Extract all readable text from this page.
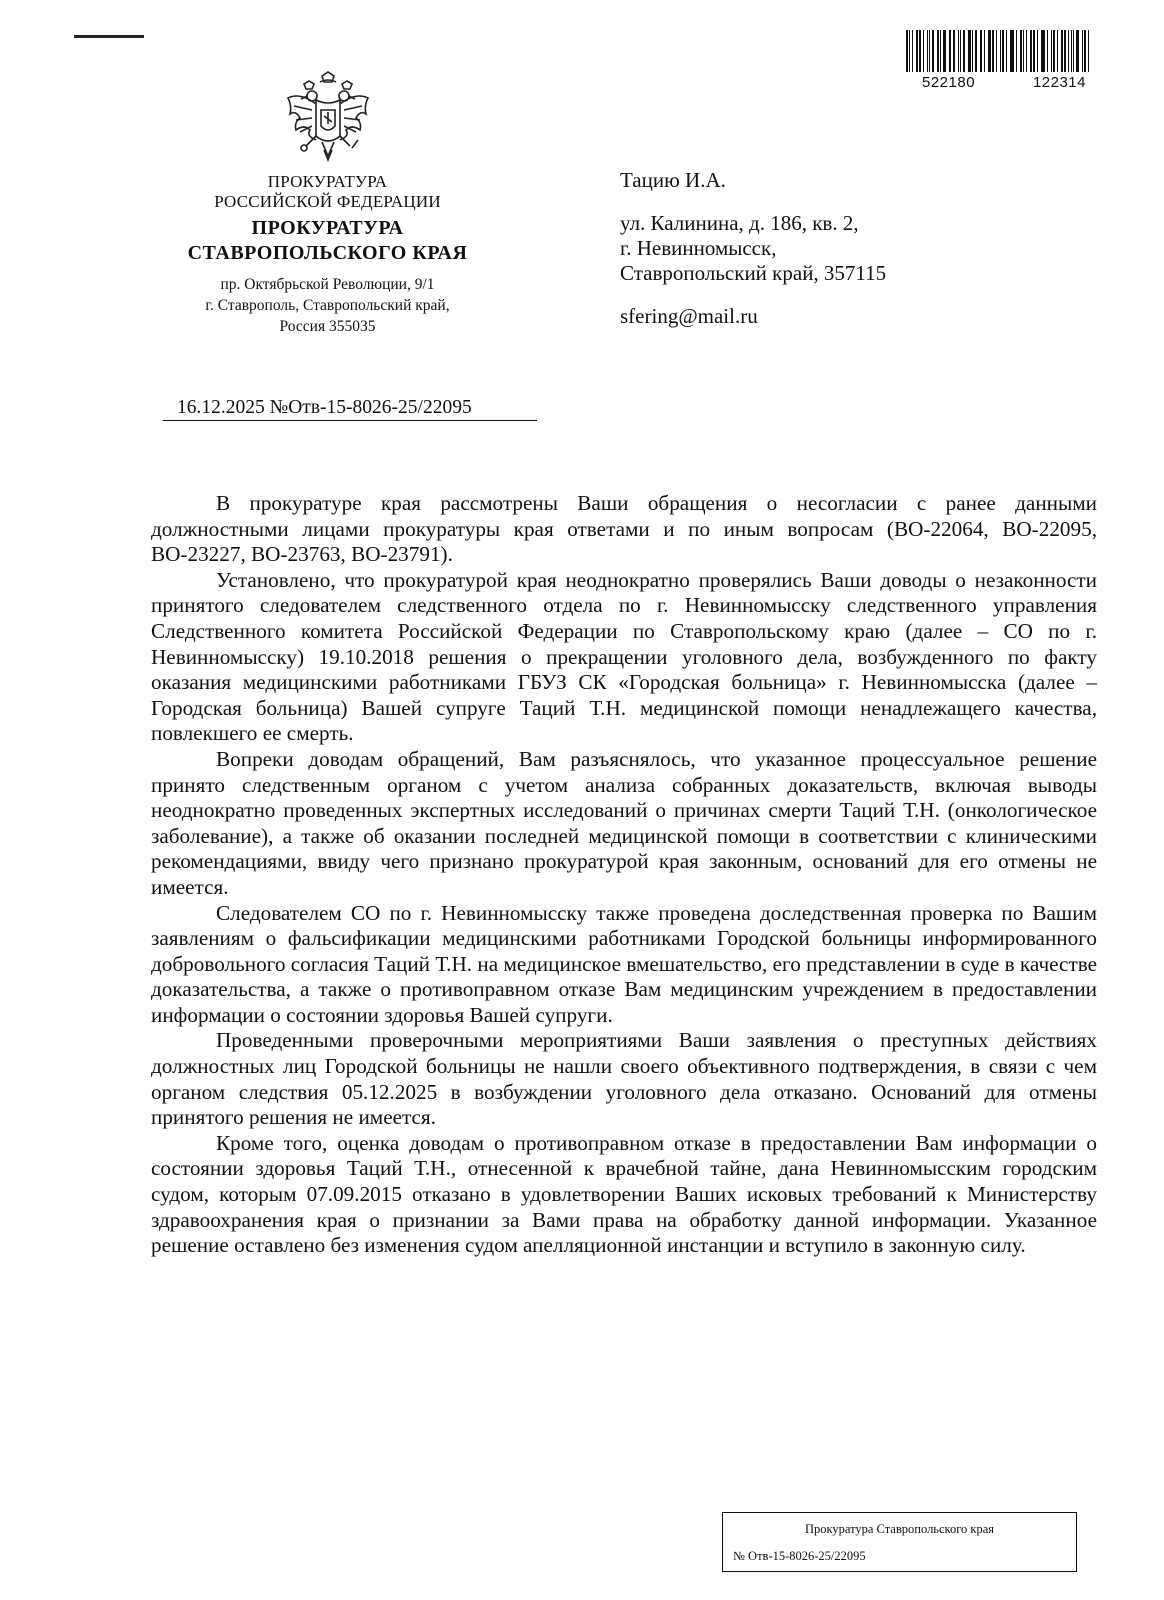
522180	122314
ПРОКУРАТУРА
РОССИЙСКОЙ ФЕДЕРАЦИИ
ПРОКУРАТУРА
СТАВРОПОЛЬСКОГО КРАЯ
пр. Октябрьской Революции, 9/1
г. Ставрополь, Ставропольский край,
Россия 355035
16.12.2025 №Отв-15-8026-25/22095
Тацию И.А.
ул. Калинина, д. 186, кв. 2,
г. Невинномысск,
Ставропольский край, 357115
sfering@mail.ru

В прокуратуре края рассмотрены Ваши обращения о несогласии с ранее данными должностными лицами прокуратуры края ответами и по иным вопросам (ВО-22064, ВО-22095, ВО-23227, ВО-23763, ВО-23791).

Установлено, что прокуратурой края неоднократно проверялись Ваши доводы о незаконности принятого следователем следственного отдела по г. Невинномысску следственного управления Следственного комитета Российской Федерации по Ставропольскому краю (далее – СО по г. Невинномысску) 19.10.2018 решения о прекращении уголовного дела, возбужденного по факту оказания медицинскими работниками ГБУЗ СК «Городская больница» г. Невинномысска (далее – Городская больница) Вашей супруге Таций Т.Н. медицинской помощи ненадлежащего качества, повлекшего ее смерть.

Вопреки доводам обращений, Вам разъяснялось, что указанное процессуальное решение принято следственным органом с учетом анализа собранных доказательств, включая выводы неоднократно проведенных экспертных исследований о причинах смерти Таций Т.Н. (онкологическое заболевание), а также об оказании последней медицинской помощи в соответствии с клиническими рекомендациями, ввиду чего признано прокуратурой края законным, оснований для его отмены не имеется.

Следователем СО по г. Невинномысску также проведена доследственная проверка по Вашим заявлениям о фальсификации медицинскими работниками Городской больницы информированного добровольного согласия Таций Т.Н. на медицинское вмешательство, его представлении в суде в качестве доказательства, а также о противоправном отказе Вам медицинским учреждением в предоставлении информации о состоянии здоровья Вашей супруги.

Проведенными проверочными мероприятиями Ваши заявления о преступных действиях должностных лиц Городской больницы не нашли своего объективного подтверждения, в связи с чем органом следствия 05.12.2025 в возбуждении уголовного дела отказано. Оснований для отмены принятого решения не имеется.

Кроме того, оценка доводам о противоправном отказе в предоставлении Вам информации о состоянии здоровья Таций Т.Н., отнесенной к врачебной тайне, дана Невинномысским городским судом, которым 07.09.2015 отказано в удовлетворении Ваших исковых требований к Министерству здравоохранения края о признании за Вами права на обработку данной информации. Указанное решение оставлено без изменения судом апелляционной инстанции и вступило в законную силу.

Прокуратура Ставропольского края
№ Отв-15-8026-25/22095
